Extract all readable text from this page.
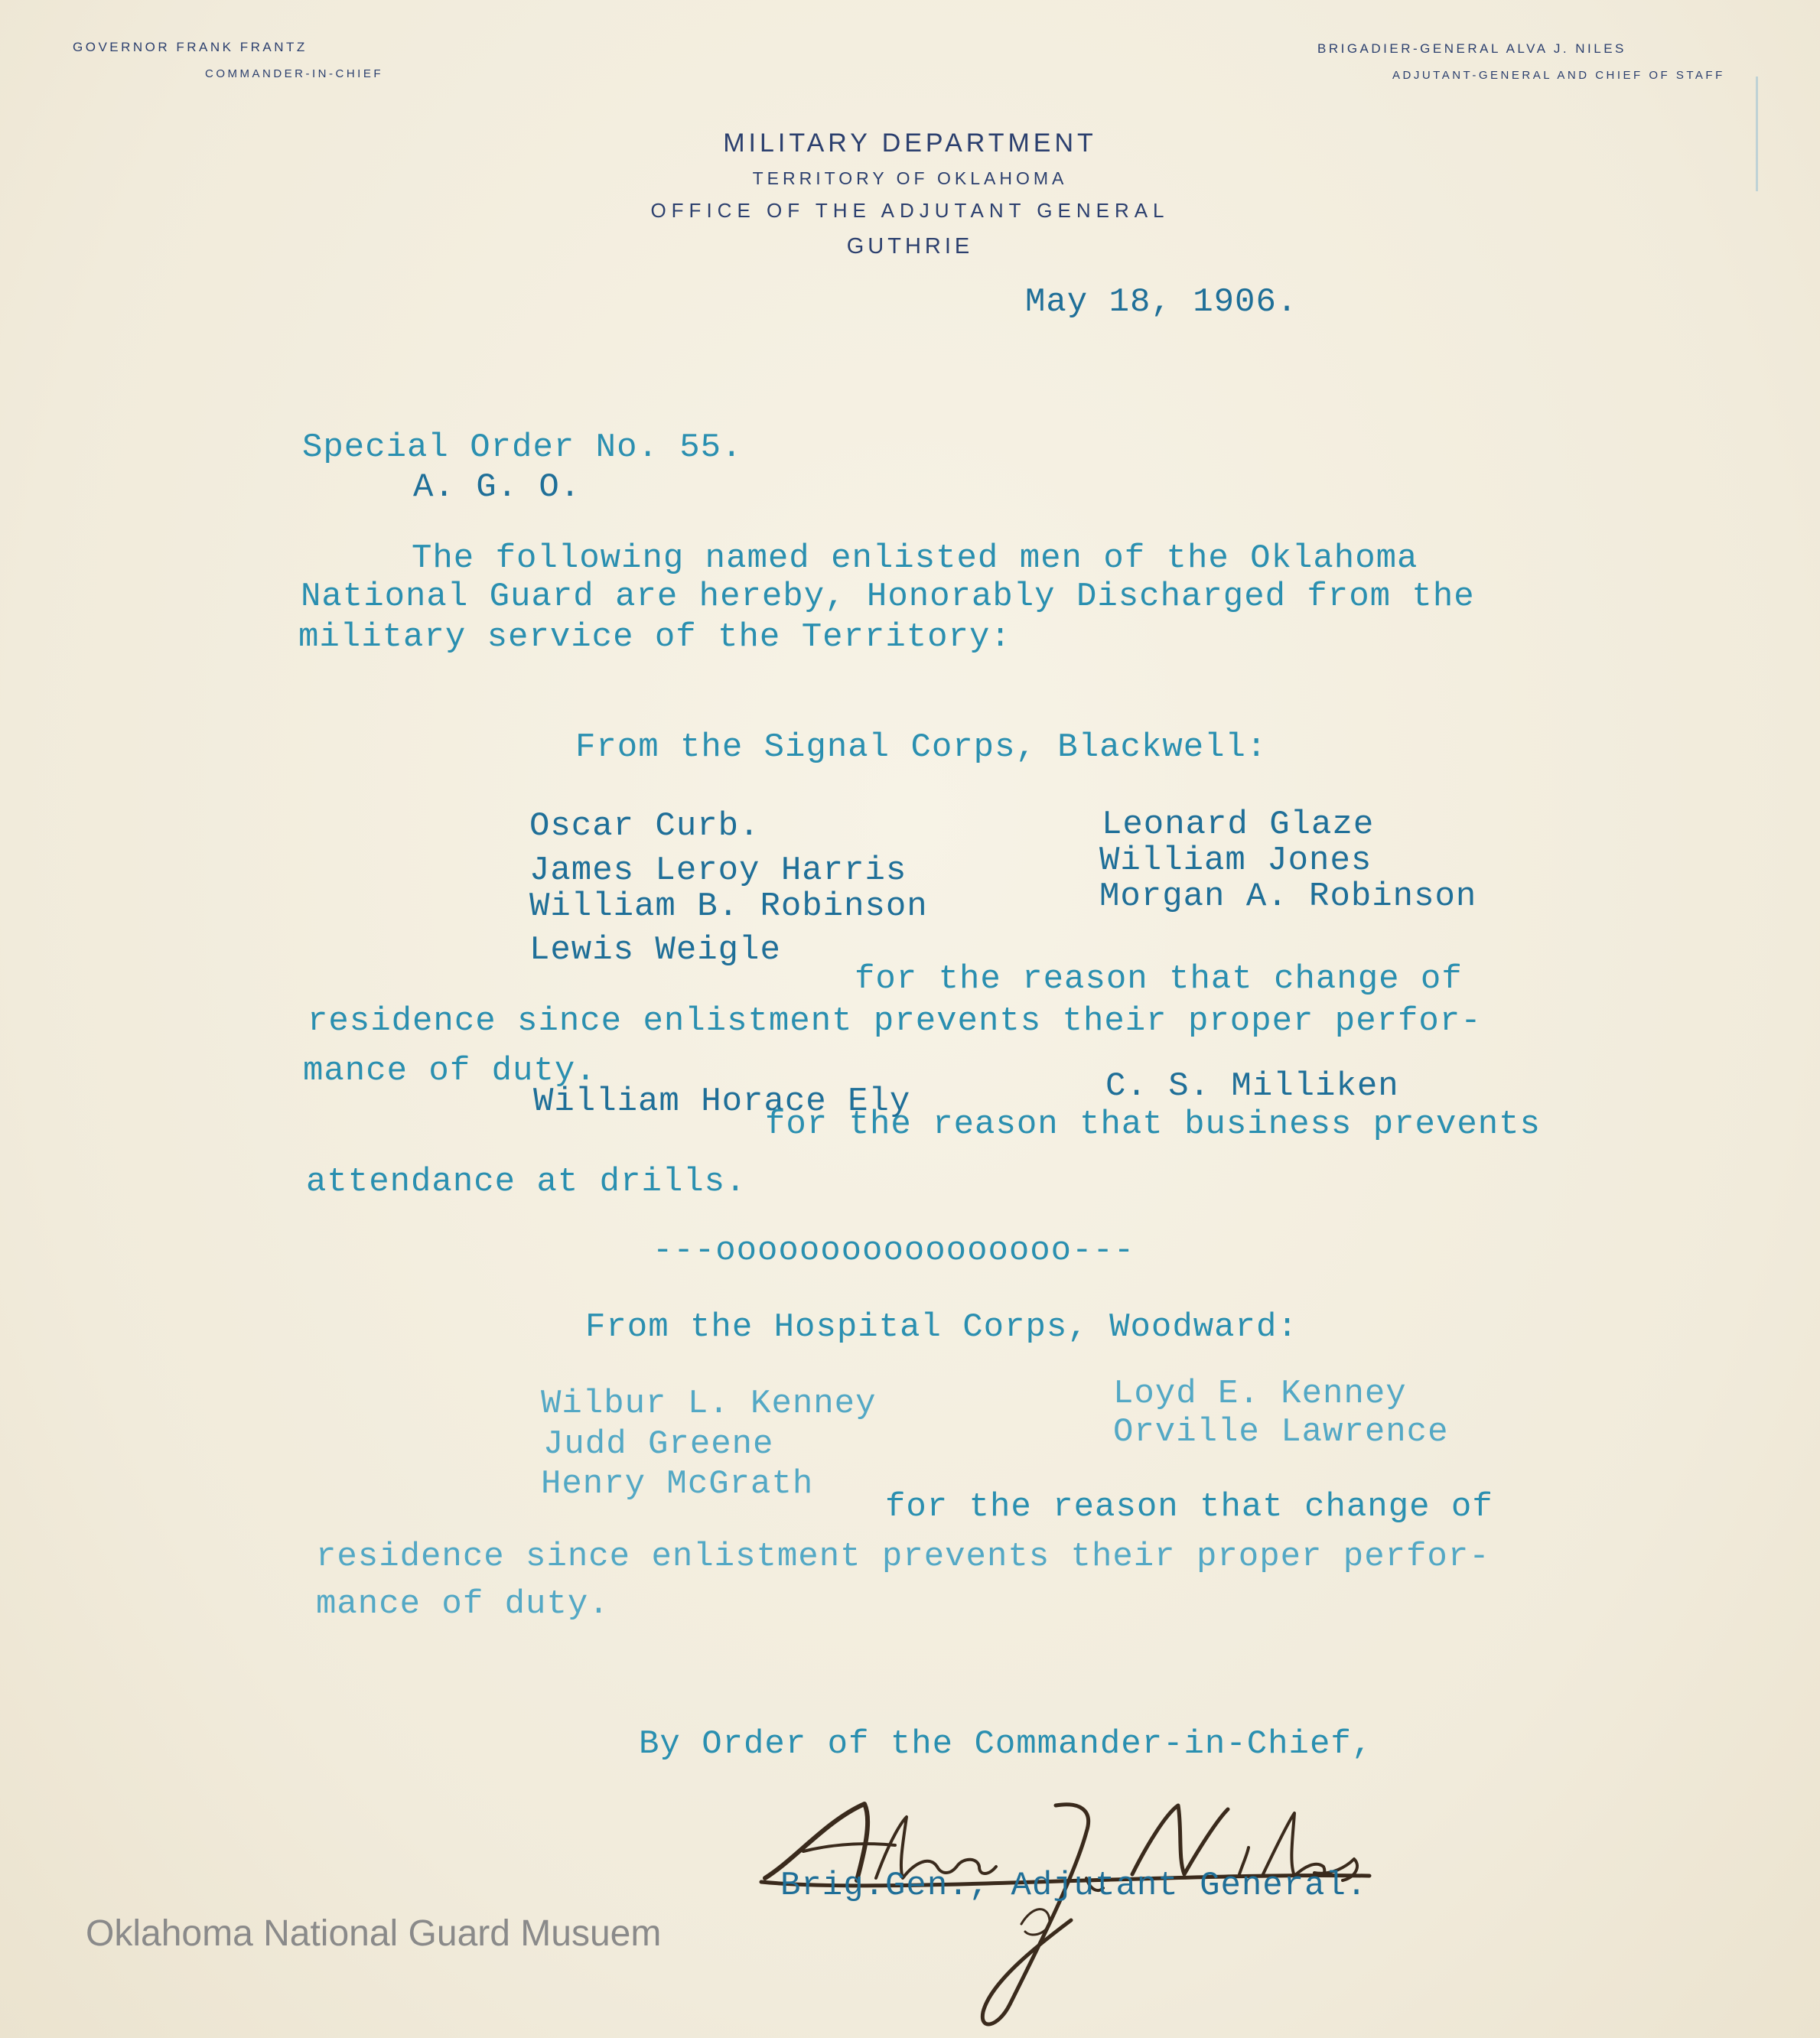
GOVERNOR FRANK FRANTZ
COMMANDER-IN-CHIEF
BRIGADIER-GENERAL ALVA J. NILES
ADJUTANT-GENERAL AND CHIEF OF STAFF
MILITARY DEPARTMENT
TERRITORY OF OKLAHOMA
OFFICE OF THE ADJUTANT GENERAL
GUTHRIE
May 18, 1906.
Special Order No. 55.
A. G. O.
The following named enlisted men of the Oklahoma
National Guard are hereby, Honorably Discharged from the
military service of the Territory:
From the Signal Corps, Blackwell:
Oscar Curb.
James Leroy Harris
William B. Robinson
Lewis Weigle
Leonard Glaze
William Jones
Morgan A. Robinson
for the reason that change of
residence since enlistment prevents their proper perfor-
mance of duty.
William Horace Ely	C. S. Milliken
for the reason that business prevents
attendance at drills.
---ooooooooooooooooo---
From the Hospital Corps, Woodward:
Wilbur L. Kenney
Judd Greene
Henry McGrath
Loyd E. Kenney
Orville Lawrence
for the reason that change of
residence since enlistment prevents their proper perfor-
mance of duty.
By Order of the Commander-in-Chief,
Brig.Gen., Adjutant General.
Oklahoma National Guard Musuem
